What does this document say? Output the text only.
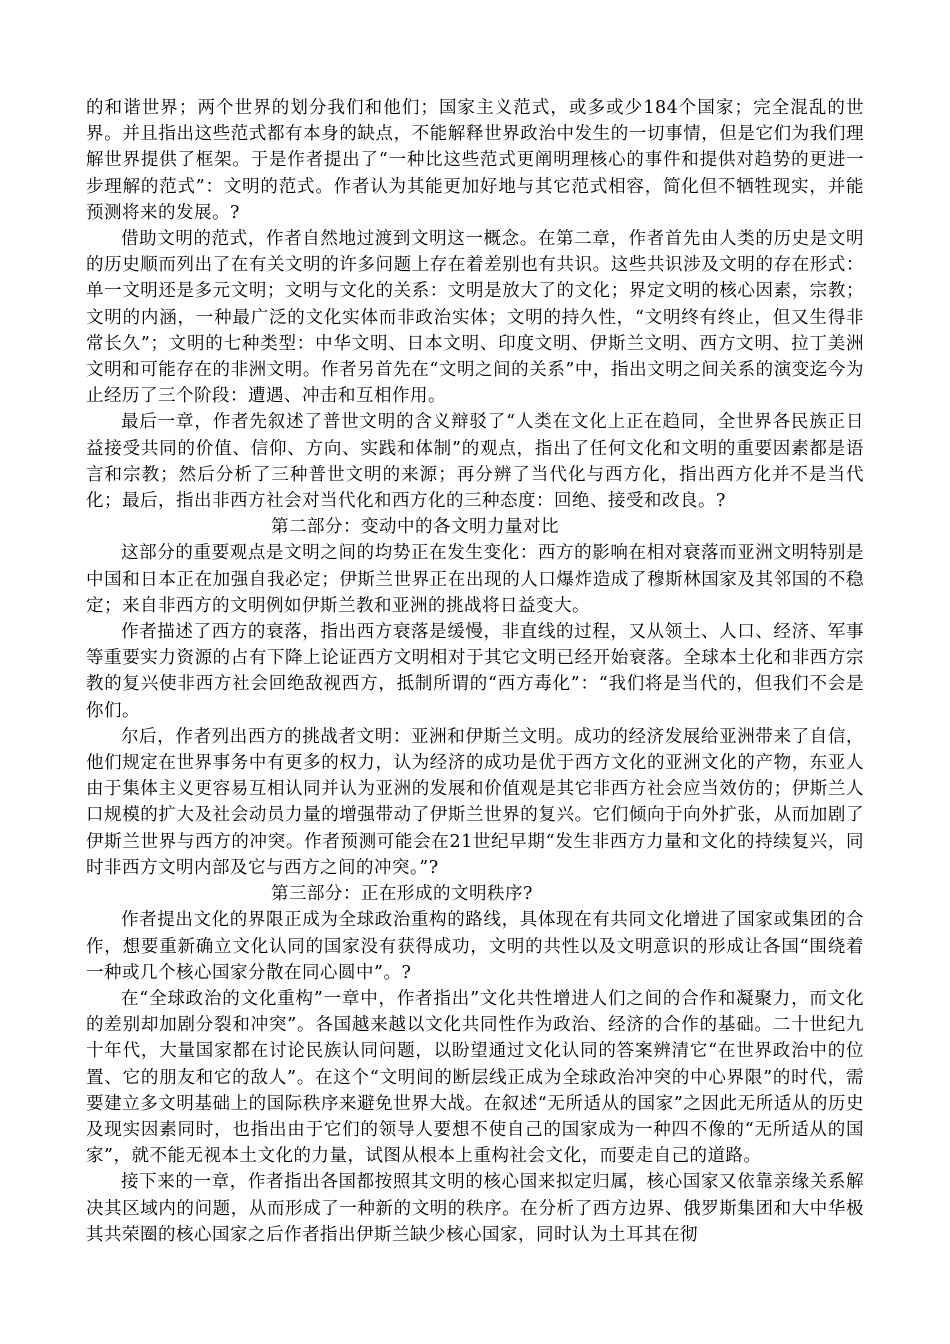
的和谐世界；两个世界的划分我们和他们；国家主义范式，或多或少184个国家；完全混乱的世界。并且指出这些范式都有本身的缺点，不能解释世界政治中发生的一切事情，但是它们为我们理解世界提供了框架。于是作者提出了“一种比这些范式更阐明理核心的事件和提供对趋势的更进一步理解的范式”：文明的范式。作者认为其能更加好地与其它范式相容，简化但不牺牲现实，并能预测将来的发展。?

借助文明的范式，作者自然地过渡到文明这一概念。在第二章，作者首先由人类的历史是文明的历史顺而列出了在有关文明的许多问题上存在着差别也有共识。这些共识涉及文明的存在形式：单一文明还是多元文明；文明与文化的关系：文明是放大了的文化；界定文明的核心因素，宗教；文明的内涵，一种最广泛的文化实体而非政治实体；文明的持久性，“文明终有终止，但又生得非常长久”；文明的七种类型：中华文明、日本文明、印度文明、伊斯兰文明、西方文明、拉丁美洲文明和可能存在的非洲文明。作者另首先在“文明之间的关系”中，指出文明之间关系的演变迄今为止经历了三个阶段：遭遇、冲击和互相作用。

最后一章，作者先叙述了普世文明的含义辩驳了“人类在文化上正在趋同，全世界各民族正日益接受共同的价值、信仰、方向、实践和体制”的观点，指出了任何文化和文明的重要因素都是语言和宗教；然后分析了三种普世文明的来源；再分辨了当代化与西方化，指出西方化并不是当代化；最后，指出非西方社会对当代化和西方化的三种态度：回绝、接受和改良。?

第二部分：变动中的各文明力量对比

这部分的重要观点是文明之间的均势正在发生变化：西方的影响在相对衰落而亚洲文明特别是中国和日本正在加强自我必定；伊斯兰世界正在出现的人口爆炸造成了穆斯林国家及其邻国的不稳定；来自非西方的文明例如伊斯兰教和亚洲的挑战将日益变大。

作者描述了西方的衰落，指出西方衰落是缓慢，非直线的过程，又从领土、人口、经济、军事等重要实力资源的占有下降上论证西方文明相对于其它文明已经开始衰落。全球本土化和非西方宗教的复兴使非西方社会回绝敌视西方，抵制所谓的“西方毒化”：“我们将是当代的，但我们不会是你们。

尔后，作者列出西方的挑战者文明：亚洲和伊斯兰文明。成功的经济发展给亚洲带来了自信，他们规定在世界事务中有更多的权力，认为经济的成功是优于西方文化的亚洲文化的产物，东亚人由于集体主义更容易互相认同并认为亚洲的发展和价值观是其它非西方社会应当效仿的；伊斯兰人口规模的扩大及社会动员力量的增强带动了伊斯兰世界的复兴。它们倾向于向外扩张，从而加剧了伊斯兰世界与西方的冲突。作者预测可能会在21世纪早期“发生非西方力量和文化的持续复兴，同时非西方文明内部及它与西方之间的冲突。”?

第三部分：正在形成的文明秩序?

作者提出文化的界限正成为全球政治重构的路线，具体现在有共同文化增进了国家或集团的合作，想要重新确立文化认同的国家没有获得成功，文明的共性以及文明意识的形成让各国“围绕着一种或几个核心国家分散在同心圆中”。?

在“全球政治的文化重构”一章中，作者指出”文化共性增进人们之间的合作和凝聚力，而文化的差别却加剧分裂和冲突”。各国越来越以文化共同性作为政治、经济的合作的基础。二十世纪九十年代，大量国家都在讨论民族认同问题，以盼望通过文化认同的答案辨清它“在世界政治中的位置、它的朋友和它的敌人”。在这个“文明间的断层线正成为全球政治冲突的中心界限”的时代，需要建立多文明基础上的国际秩序来避免世界大战。在叙述“无所适从的国家”之因此无所适从的历史及现实因素同时，也指出由于它们的领导人要想不使自己的国家成为一种四不像的“无所适从的国家”，就不能无视本土文化的力量，试图从根本上重构社会文化，而要走自己的道路。

接下来的一章，作者指出各国都按照其文明的核心国来拟定归属，核心国家又依靠亲缘关系解决其区域内的问题，从而形成了一种新的文明的秩序。在分析了西方边界、俄罗斯集团和大中华极其共荣圈的核心国家之后作者指出伊斯兰缺少核心国家，同时认为土耳其在彻
